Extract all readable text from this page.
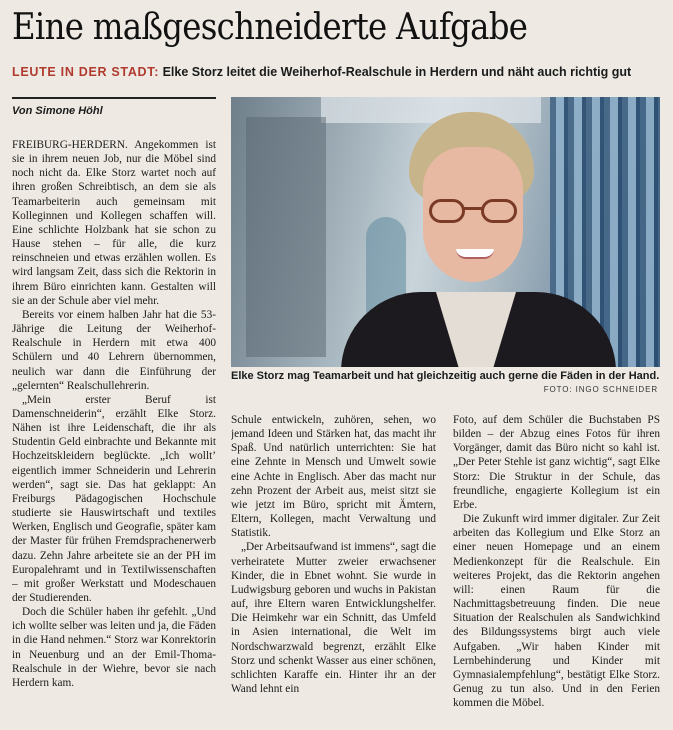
Eine maßgeschneiderte Aufgabe
LEUTE IN DER STADT: Elke Storz leitet die Weiherhof-Realschule in Herdern und näht auch richtig gut
Von Simone Höhl

FREIBURG-HERDERN. Angekommen ist sie in ihrem neuen Job, nur die Möbel sind noch nicht da. Elke Storz wartet noch auf ihren großen Schreibtisch, an dem sie als Teamarbeiterin auch gemeinsam mit Kolleginnen und Kollegen schaffen will. Eine schlichte Holzbank hat sie schon zu Hause stehen – für alle, die kurz reinschneien und etwas erzählen wollen. Es wird langsam Zeit, dass sich die Rektorin in ihrem Büro einrichten kann. Gestalten will sie an der Schule aber viel mehr.

Bereits vor einem halben Jahr hat die 53-Jährige die Leitung der Weiherhof-Realschule in Herdern mit etwa 400 Schülern und 40 Lehrern übernommen, neulich war dann die Einführung der „gelernten“ Realschullehrerin.

„Mein erster Beruf ist Damenschneiderin“, erzählt Elke Storz. Nähen ist ihre Leidenschaft, die ihr als Studentin Geld einbrachte und Bekannte mit Hochzeitskleidern beglückte. „Ich wollt’ eigentlich immer Schneiderin und Lehrerin werden“, sagt sie. Das hat geklappt: An Freiburgs Pädagogischen Hochschule studierte sie Hauswirtschaft und textiles Werken, Englisch und Geografie, später kam der Master für frühen Fremdsprachenerwerb dazu. Zehn Jahre arbeitete sie an der PH im Europalehramt und in Textilwissenschaften – mit großer Werkstatt und Modeschauen der Studierenden.

Doch die Schüler haben ihr gefehlt. „Und ich wollte selber was leiten und ja, die Fäden in die Hand nehmen.“ Storz war Konrektorin in Neuenburg und an der Emil-Thoma-Realschule in der Wiehre, bevor sie nach Herdern kam.

Elke Storz mag Teamarbeit und hat gleichzeitig auch gerne die Fäden in der Hand.
FOTO: INGO SCHNEIDER

Schule entwickeln, zuhören, sehen, wo jemand Ideen und Stärken hat, das macht ihr Spaß. Und natürlich unterrichten: Sie hat eine Zehnte in Mensch und Umwelt sowie eine Achte in Englisch. Aber das macht nur zehn Prozent der Arbeit aus, meist sitzt sie wie jetzt im Büro, spricht mit Ämtern, Eltern, Kollegen, macht Verwaltung und Statistik.

„Der Arbeitsaufwand ist immens“, sagt die verheiratete Mutter zweier erwachsener Kinder, die in Ebnet wohnt. Sie wurde in Ludwigsburg geboren und wuchs in Pakistan auf, ihre Eltern waren Entwicklungshelfer. Die Heimkehr war ein Schnitt, das Umfeld in Asien international, die Welt im Nordschwarzwald begrenzt, erzählt Elke Storz und schenkt Wasser aus einer schönen, schlichten Karaffe ein. Hinter ihr an der Wand lehnt ein

Foto, auf dem Schüler die Buchstaben PS bilden – der Abzug eines Fotos für ihren Vorgänger, damit das Büro nicht so kahl ist. „Der Peter Stehle ist ganz wichtig“, sagt Elke Storz: Die Struktur in der Schule, das freundliche, engagierte Kollegium ist ein Erbe.

Die Zukunft wird immer digitaler. Zur Zeit arbeiten das Kollegium und Elke Storz an einer neuen Homepage und an einem Medienkonzept für die Realschule. Ein weiteres Projekt, das die Rektorin angehen will: einen Raum für die Nachmittagsbetreuung finden. Die neue Situation der Realschulen als Sandwichkind des Bildungssystems birgt auch viele Aufgaben. „Wir haben Kinder mit Lernbehinderung und Kinder mit Gymnasialempfehlung“, bestätigt Elke Storz. Genug zu tun also. Und in den Ferien kommen die Möbel.
